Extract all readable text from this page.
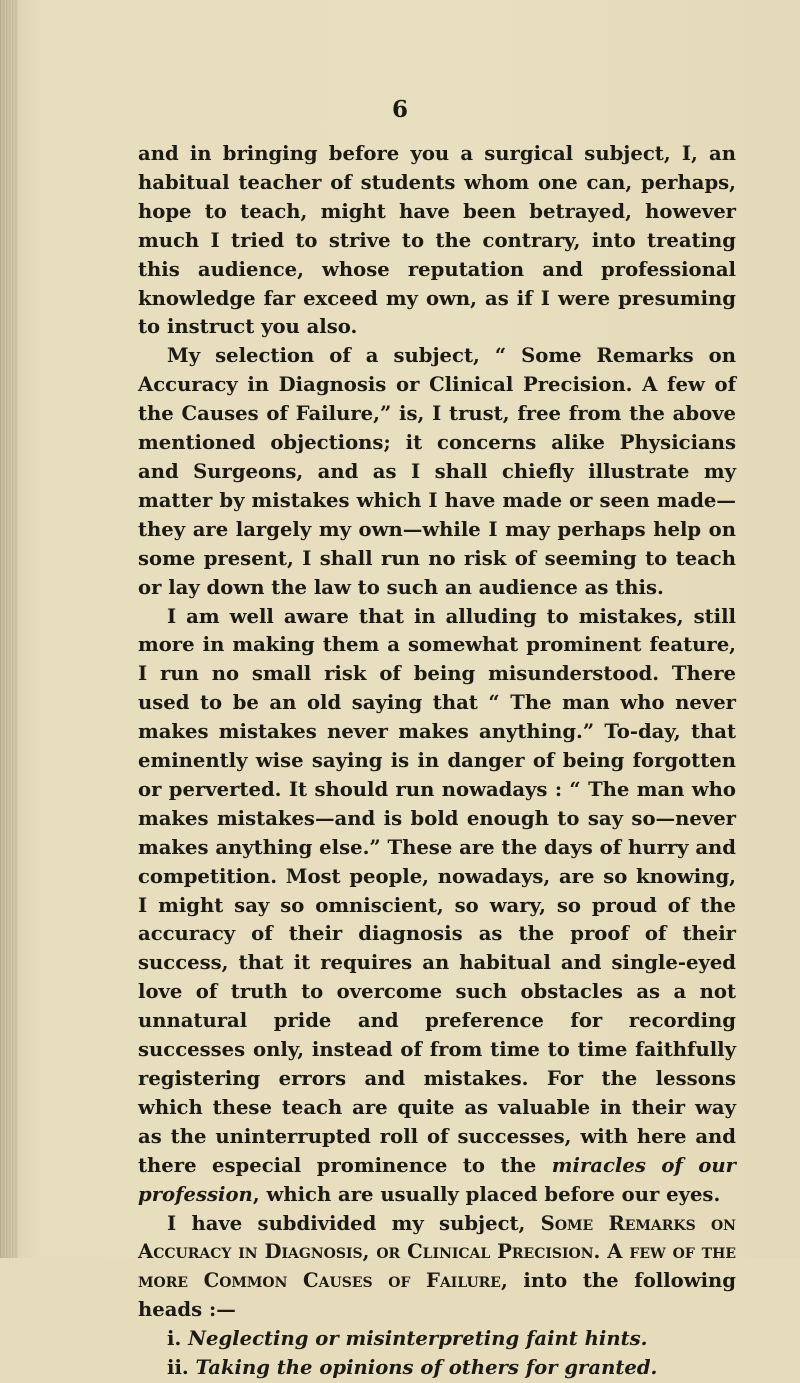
6

and in bringing before you a surgical subject, I, an habitual teacher of students whom one can, perhaps, hope to teach, might have been betrayed, however much I tried to strive to the contrary, into treating this audience, whose reputation and professional knowledge far exceed my own, as if I were presuming to instruct you also.

My selection of a subject, “ Some Remarks on Accuracy in Diagnosis or Clinical Precision. A few of the Causes of Failure,” is, I trust, free from the above mentioned objections; it concerns alike Physicians and Surgeons, and as I shall chiefly illustrate my matter by mistakes which I have made or seen made—they are largely my own—while I may perhaps help on some present, I shall run no risk of seeming to teach or lay down the law to such an audience as this.

I am well aware that in alluding to mistakes, still more in making them a somewhat prominent feature, I run no small risk of being misunderstood. There used to be an old saying that “ The man who never makes mistakes never makes anything.” To-day, that eminently wise saying is in danger of being forgotten or perverted. It should run nowadays : “ The man who makes mistakes—and is bold enough to say so—never makes anything else.” These are the days of hurry and competition. Most people, nowadays, are so knowing, I might say so omniscient, so wary, so proud of the accuracy of their diagnosis as the proof of their success, that it requires an habitual and single-eyed love of truth to overcome such obstacles as a not unnatural pride and preference for recording successes only, instead of from time to time faithfully registering errors and mistakes. For the lessons which these teach are quite as valuable in their way as the uninterrupted roll of successes, with here and there especial prominence to the miracles of our profession, which are usually placed before our eyes.

I have subdivided my subject, Some Remarks on Accuracy in Diagnosis, or Clinical Precision. A few of the more Common Causes of Failure, into the following heads :—

i. Neglecting or misinterpreting faint hints.
ii. Taking the opinions of others for granted.
